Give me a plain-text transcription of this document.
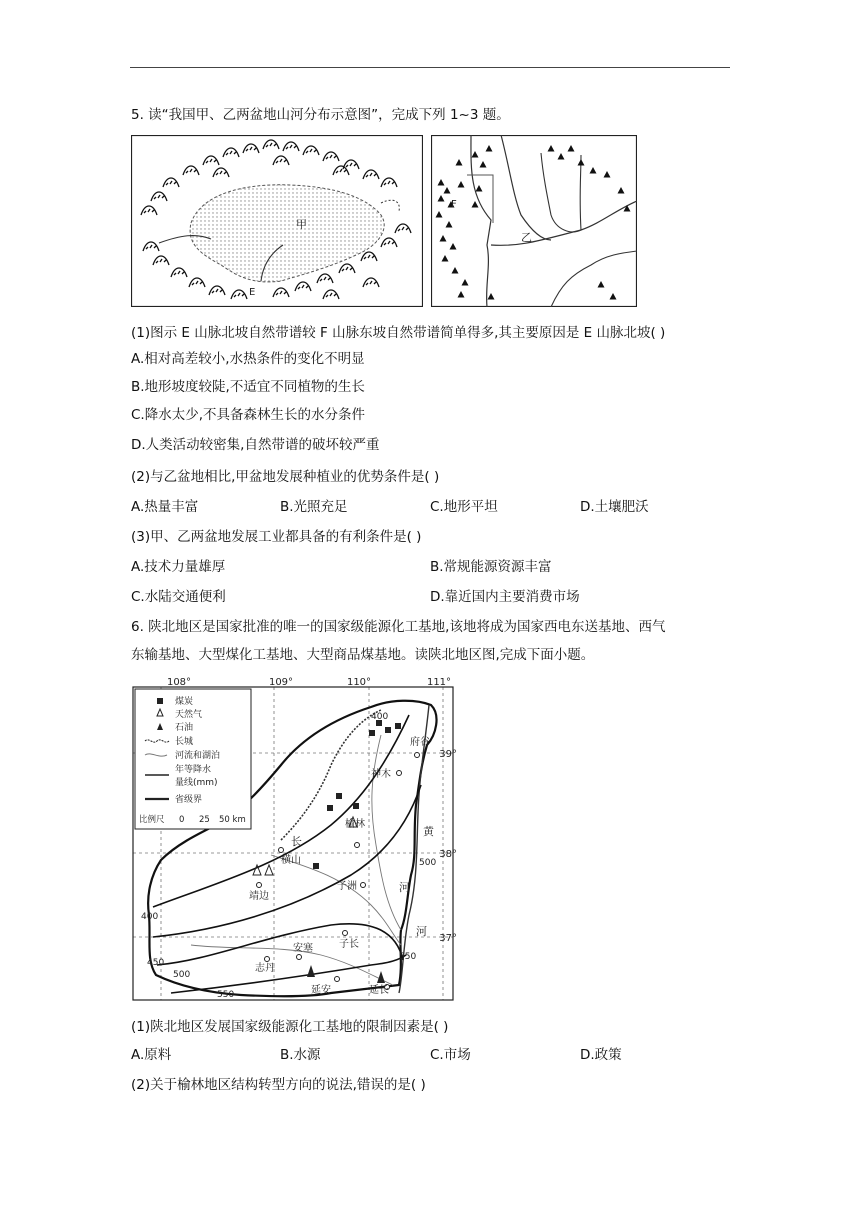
5. 读“我国甲、乙两盆地山河分布示意图”，完成下列 1~3 题。
甲
E
F
乙
(1)图示 E 山脉北坡自然带谱较 F 山脉东坡自然带谱简单得多,其主要原因是 E 山脉北坡( )
A.相对高差较小,水热条件的变化不明显
B.地形坡度较陡,不适宜不同植物的生长
C.降水太少,不具备森林生长的水分条件
D.人类活动较密集,自然带谱的破坏较严重
(2)与乙盆地相比,甲盆地发展种植业的优势条件是( )
A.热量丰富	B.光照充足	C.地形平坦	D.土壤肥沃
(3)甲、乙两盆地发展工业都具备的有利条件是( )
A.技术力量雄厚	B.常规能源资源丰富
C.水陆交通便利	D.靠近国内主要消费市场
6. 陕北地区是国家批准的唯一的国家级能源化工基地,该地将成为国家西电东送基地、西气
东输基地、大型煤化工基地、大型商品煤基地。读陕北地区图,完成下面小题。
108°	109°	110°	111°
39°
38°
37°
府谷
神木
榆林
横山
靖边
子洲
子长
安塞
志丹
延安	延长
黄
河
河
长
400
500
400
450
500
550
550
煤炭
天然气
石油
长城
河流和湖泊
年等降水
量线(mm)
省级界
比例尺 0 25 50 km
(1)陕北地区发展国家级能源化工基地的限制因素是( )
A.原料	B.水源	C.市场	D.政策
(2)关于榆林地区结构转型方向的说法,错误的是( )
